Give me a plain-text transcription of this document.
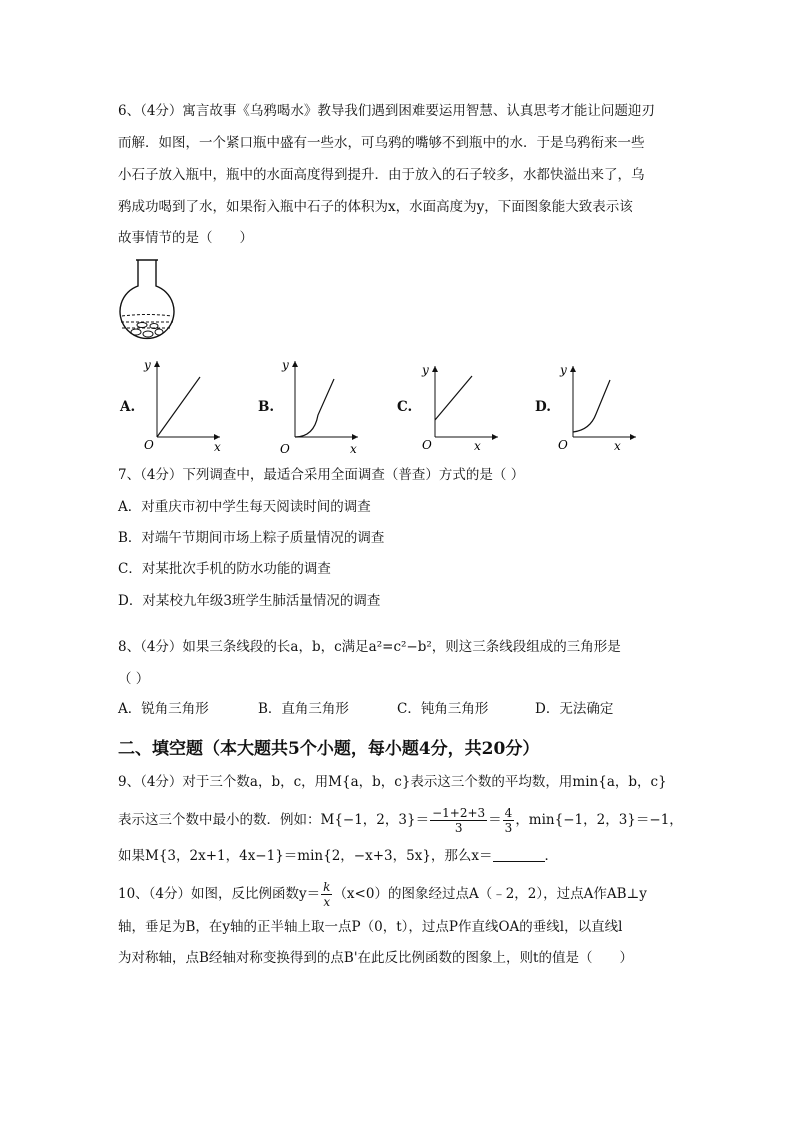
6、（4分）寓言故事《乌鸦喝水》教导我们遇到困难要运用智慧、认真思考才能让问题迎刃
而解．如图，一个紧口瓶中盛有一些水，可乌鸦的嘴够不到瓶中的水．于是乌鸦衔来一些
小石子放入瓶中，瓶中的水面高度得到提升．由于放入的石子较多，水都快溢出来了，乌
鸦成功喝到了水，如果衔入瓶中石子的体积为x，水面高度为y，下面图象能大致表示该
故事情节的是（　　）
A.
y
x
O
B.
y
x
O
C.
y
x
O
D.
y
x
O
7、（4分）下列调查中，最适合采用全面调查（普查）方式的是（ ）
A．对重庆市初中学生每天阅读时间的调查
B．对端午节期间市场上粽子质量情况的调查
C．对某批次手机的防水功能的调查
D．对某校九年级3班学生肺活量情况的调查
8、（4分）如果三条线段的长a，b，c满足a²=c²−b²，则这三条线段组成的三角形是
（ ）
A．锐角三角形	B．直角三角形	C．钝角三角形	D．无法确定
二、填空题（本大题共5个小题，每小题4分，共20分）
9、（4分）对于三个数a，b，c，用M{a，b，c}表示这三个数的平均数，用min{a，b，c}
表示这三个数中最小的数．例如：M{−1，2，$3\}= \frac{-1+2+3}{3} = \frac{4}{3}$ ，min{−1，2，3}＝−1，
如果M{3，2x+1，4x−1}＝min{2，−x+3，5x}，那么x＝	．
10、（4分）如图，反比例函数$y= \frac{k}{x} (x<0)$的图象经过点A（﹣2，2），过点A作AB⊥y
轴，垂足为B，在y轴的正半轴上取一点P（0，t），过点P作直线OA的垂线l，以直线l
为对称轴，点B经轴对称变换得到的点B'在此反比例函数的图象上，则t的值是（　　）
